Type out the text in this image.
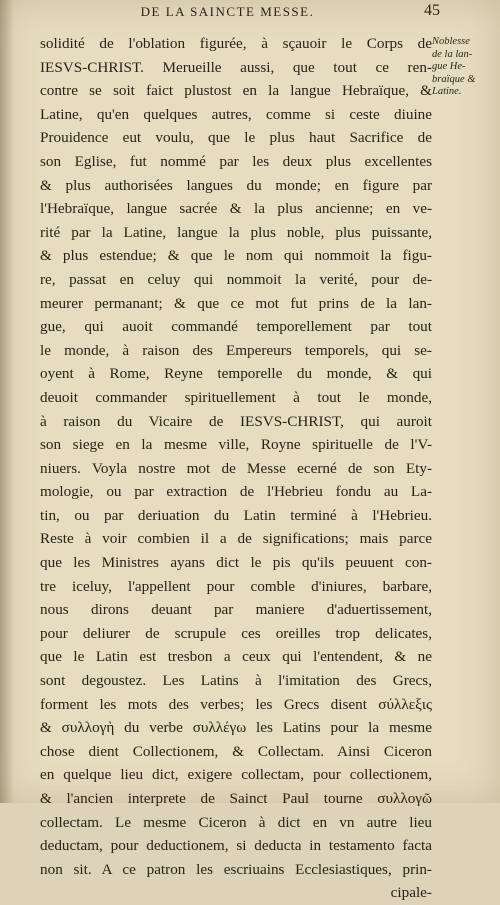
DE LA SAINCTE MESSE.	45
solidité de l'oblation figurée, à sçauoir le Corps de
IESVS-CHRIST. Merueille aussi, que tout ce ren-
contre se soit faict plustost en la langue Hebraïque, &
Latine, qu'en quelques autres, comme si ceste diuine
Prouidence eut voulu, que le plus haut Sacrifice de
son Eglise, fut nommé par les deux plus excellentes
& plus authorisées langues du monde; en figure par
l'Hebraïque, langue sacrée & la plus ancienne; en ve-
rité par la Latine, langue la plus noble, plus puissante,
& plus estendue; & que le nom qui nommoit la figu-
re, passat en celuy qui nommoit la verité, pour de-
meurer permanant; & que ce mot fut prins de la lan-
gue, qui auoit commandé temporellement par tout
le monde, à raison des Empereurs temporels, qui se-
oyent à Rome, Reyne temporelle du monde, & qui
deuoit commander spirituellement à tout le monde,
à raison du Vicaire de IESVS-CHRIST, qui auroit
son siege en la mesme ville, Royne spirituelle de l'V-
niuers. Voyla nostre mot de Messe ecerné de son Ety-
mologie, ou par extraction de l'Hebrieu fondu au La-
tin, ou par deriuation du Latin terminé à l'Hebrieu.
Reste à voir combien il a de significations; mais parce
que les Ministres ayans dict le pis qu'ils peuuent con-
tre iceluy, l'appellent pour comble d'iniures, barbare,
nous dirons deuant par maniere d'aduertissement,
pour deliurer de scrupule ces oreilles trop delicates,
que le Latin est tresbon a ceux qui l'entendent, & ne
sont degoustez. Les Latins à l'imitation des Grecs,
forment les mots des verbes; les Grecs disent σύλλεξις
& συλλογὴ du verbe συλλέγω les Latins pour la mesme
chose dient Collectionem, & Collectam. Ainsi Ciceron
en quelque lieu dict, exigere collectam, pour collectionem,
& l'ancien interprete de Sainct Paul tourne συλλογῶ
collectam. Le mesme Ciceron à dict en vn autre lieu
deductam, pour deductionem, si deducta in testamento facta
non sit. A ce patron les escriuains Ecclesiastiques, prin-
cipale-
Noblesse
de la lan-
gue He-
braïque &
Latine.
